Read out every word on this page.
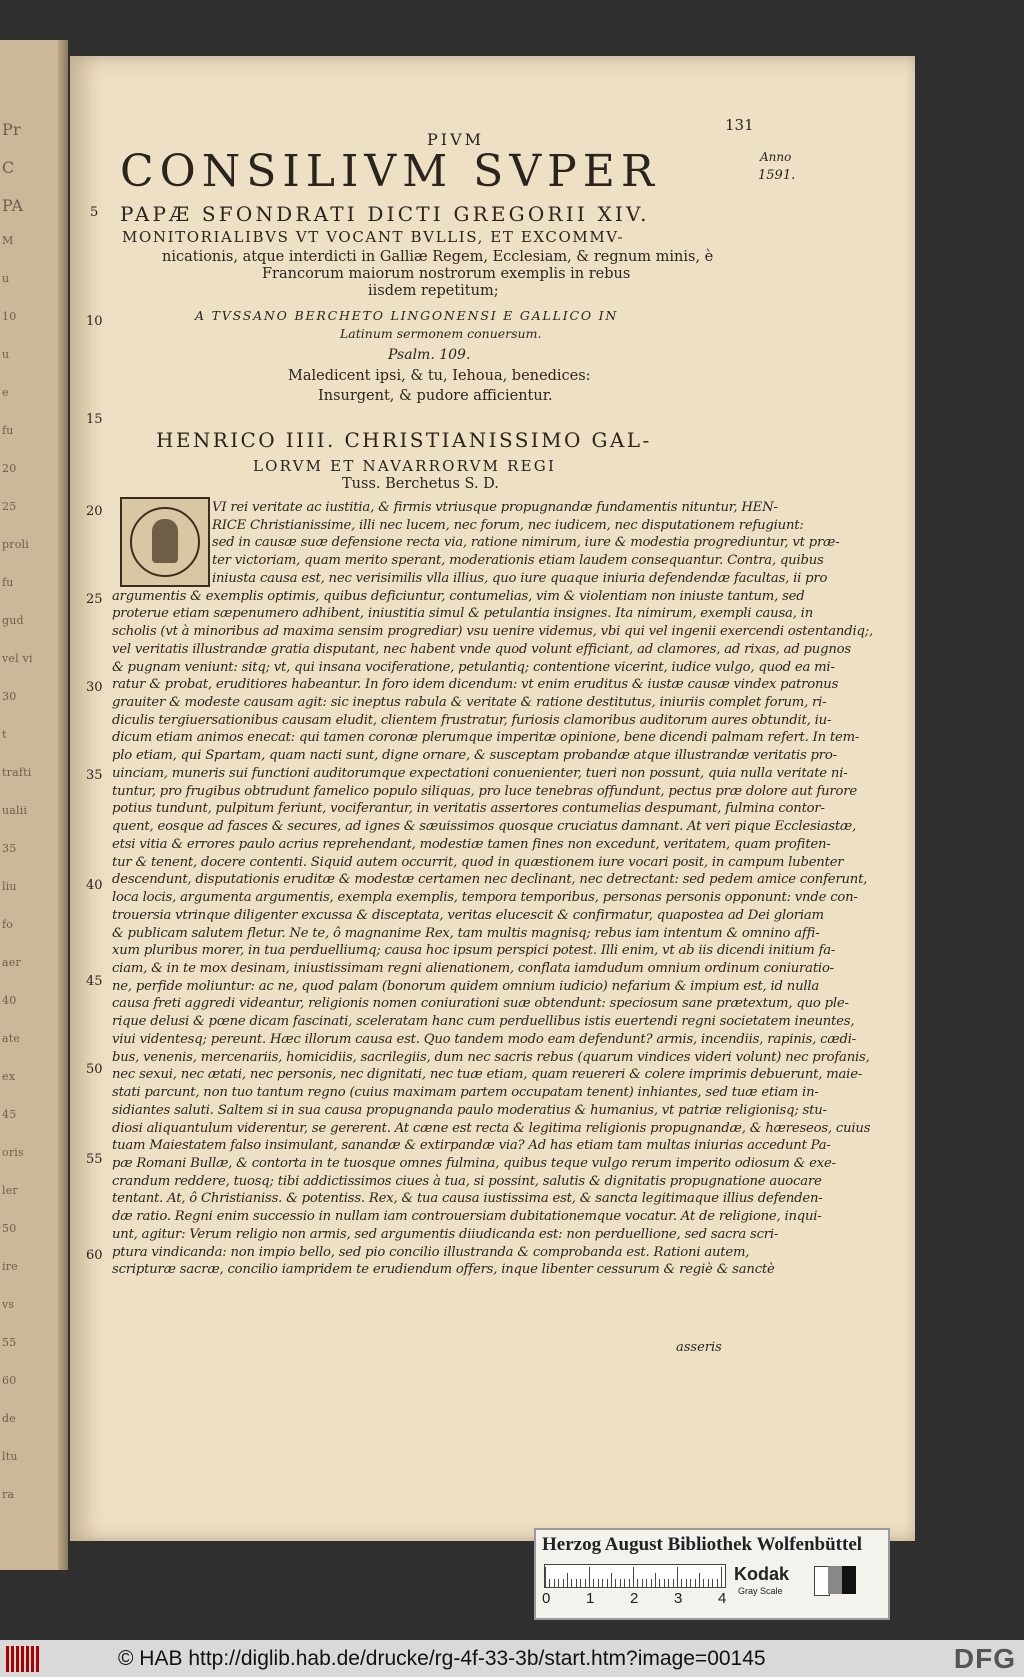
Pr
C
PA
M
u
10
u
e
fu
20
25
proli
fu
gud
vel vi
30
t
trafti
ualii
35
liu
fo
aer
40
ate
ex
45
oris
ler
50
ire
vs
55
60
de
ltu
ra
131
PIVM
Anno
1591.
CONSILIVM SVPER
PAPÆ SFONDRATI DICTI GREGORII XIV.
MONITORIALIBVS VT VOCANT BVLLIS, ET EXCOMMV-
nicationis, atque interdicti in Galliæ Regem, Ecclesiam, & regnum minis, è
Francorum maiorum nostrorum exemplis in rebus
iisdem repetitum;
A TVSSANO BERCHETO LINGONENSI E GALLICO IN
Latinum sermonem conuersum.
Psalm. 109.
Maledicent ipsi, & tu, Iehoua, benedices:
Insurgent, & pudore afficientur.
HENRICO IIII. CHRISTIANISSIMO GAL-
LORVM ET NAVARRORVM REGI
Tuss. Berchetus S. D.
5
10
15
20
25
30
35
40
45
50
55
60
VI rei veritate ac iustitia, & firmis vtriusque propugnandæ fundamentis nituntur, HEN-
RICE Christianissime, illi nec lucem, nec forum, nec iudicem, nec disputationem refugiunt:
sed in causæ suæ defensione recta via, ratione nimirum, iure & modestia progrediuntur, vt præ-
ter victoriam, quam merito sperant, moderationis etiam laudem consequantur. Contra, quibus
iniusta causa est, nec verisimilis vlla illius, quo iure quaque iniuria defendendæ facultas, ii pro
argumentis & exemplis optimis, quibus deficiuntur, contumelias, vim & violentiam non iniuste tantum, sed
proterue etiam sæpenumero adhibent, iniustitia simul & petulantia insignes. Ita nimirum, exempli causa, in
scholis (vt à minoribus ad maxima sensim progrediar) vsu uenire videmus, vbi qui vel ingenii exercendi ostentandiq;,
vel veritatis illustrandæ gratia disputant, nec habent vnde quod volunt efficiant, ad clamores, ad rixas, ad pugnos
& pugnam veniunt: sitq; vt, qui insana vociferatione, petulantiq; contentione vicerint, iudice vulgo, quod ea mi-
ratur & probat, eruditiores habeantur. In foro idem dicendum: vt enim eruditus & iustæ causæ vindex patronus
grauiter & modeste causam agit: sic ineptus rabula & veritate & ratione destitutus, iniuriis complet forum, ri-
diculis tergiuersationibus causam eludit, clientem frustratur, furiosis clamoribus auditorum aures obtundit, iu-
dicum etiam animos enecat: qui tamen coronæ plerumque imperitæ opinione, bene dicendi palmam refert. In tem-
plo etiam, qui Spartam, quam nacti sunt, digne ornare, & susceptam probandæ atque illustrandæ veritatis pro-
uinciam, muneris sui functioni auditorumque expectationi conuenienter, tueri non possunt, quia nulla veritate ni-
tuntur, pro frugibus obtrudunt famelico populo siliquas, pro luce tenebras offundunt, pectus præ dolore aut furore
potius tundunt, pulpitum feriunt, vociferantur, in veritatis assertores contumelias despumant, fulmina contor-
quent, eosque ad fasces & secures, ad ignes & sæuissimos quosque cruciatus damnant. At veri pique Ecclesiastæ,
etsi vitia & errores paulo acrius reprehendant, modestiæ tamen fines non excedunt, veritatem, quam profiten-
tur & tenent, docere contenti. Siquid autem occurrit, quod in quæstionem iure vocari posit, in campum lubenter
descendunt, disputationis eruditæ & modestæ certamen nec declinant, nec detrectant: sed pedem amice conferunt,
loca locis, argumenta argumentis, exempla exemplis, tempora temporibus, personas personis opponunt: vnde con-
trouersia vtrinque diligenter excussa & disceptata, veritas elucescit & confirmatur, quapostea ad Dei gloriam
& publicam salutem fletur. Ne te, ô magnanime Rex, tam multis magnisq; rebus iam intentum & omnino affi-
xum pluribus morer, in tua perduelliumq; causa hoc ipsum perspici potest. Illi enim, vt ab iis dicendi initium fa-
ciam, & in te mox desinam, iniustissimam regni alienationem, conflata iamdudum omnium ordinum coniuratio-
ne, perfide moliuntur: ac ne, quod palam (bonorum quidem omnium iudicio) nefarium & impium est, id nulla
causa freti aggredi videantur, religionis nomen coniurationi suæ obtendunt: speciosum sane prætextum, quo ple-
rique delusi & pœne dicam fascinati, sceleratam hanc cum perduellibus istis euertendi regni societatem ineuntes,
viui videntesq; pereunt. Hæc illorum causa est. Quo tandem modo eam defendunt? armis, incendiis, rapinis, cædi-
bus, venenis, mercenariis, homicidiis, sacrilegiis, dum nec sacris rebus (quarum vindices videri volunt) nec profanis,
nec sexui, nec ætati, nec personis, nec dignitati, nec tuæ etiam, quam reuereri & colere imprimis debuerunt, maie-
stati parcunt, non tuo tantum regno (cuius maximam partem occupatam tenent) inhiantes, sed tuæ etiam in-
sidiantes saluti. Saltem si in sua causa propugnanda paulo moderatius & humanius, vt patriæ religionisq; stu-
diosi aliquantulum viderentur, se gererent. At cæne est recta & legitima religionis propugnandæ, & hæreseos, cuius
tuam Maiestatem falso insimulant, sanandæ & extirpandæ via? Ad has etiam tam multas iniurias accedunt Pa-
pæ Romani Bullæ, & contorta in te tuosque omnes fulmina, quibus teque vulgo rerum imperito odiosum & exe-
crandum reddere, tuosq; tibi addictissimos ciues à tua, si possint, salutis & dignitatis propugnatione auocare
tentant. At, ô Christianiss. & potentiss. Rex, & tua causa iustissima est, & sancta legitimaque illius defenden-
dæ ratio. Regni enim successio in nullam iam controuersiam dubitationemque vocatur. At de religione, inqui-
unt, agitur: Verum religio non armis, sed argumentis diiudicanda est: non perduellione, sed sacra scri-
ptura vindicanda: non impio bello, sed pio concilio illustranda & comprobanda est. Rationi autem,
scripturæ sacræ, concilio iampridem te erudiendum offers, inque libenter cessurum & regiè & sanctè
asseris
Herzog August Bibliothek Wolfenbüttel
0 1 2 3 4
Kodak
Gray Scale
© HAB http://diglib.hab.de/drucke/rg-4f-33-3b/start.htm?image=00145	DFG
